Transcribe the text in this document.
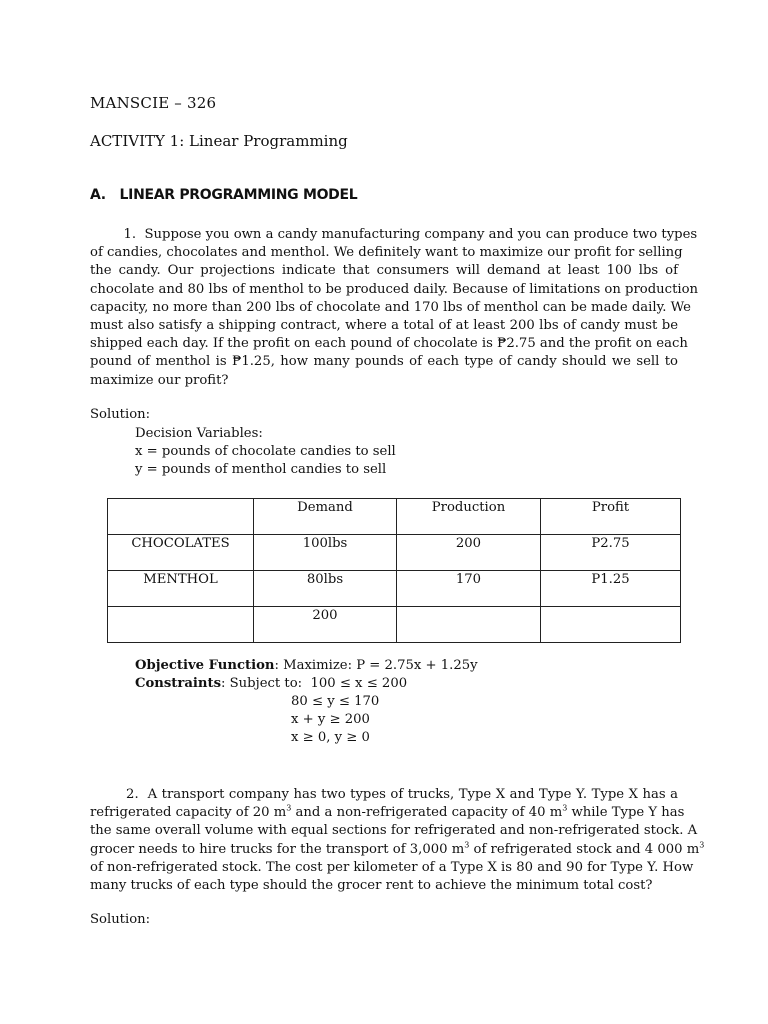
MANSCIE – 326
ACTIVITY 1: Linear Programming
A.   LINEAR PROGRAMMING MODEL
1.  Suppose you own a candy manufacturing company and you can produce two types
of candies, chocolates and menthol. We definitely want to maximize our profit for selling
the candy. Our projections indicate that consumers will demand at least 100 lbs of
chocolate and 80 lbs of menthol to be produced daily. Because of limitations on production
capacity, no more than 200 lbs of chocolate and 170 lbs of menthol can be made daily. We
must also satisfy a shipping contract, where a total of at least 200 lbs of candy must be
shipped each day. If the profit on each pound of chocolate is ₱2.75 and the profit on each
pound of menthol is ₱1.25, how many pounds of each type of candy should we sell to
maximize our profit?
Solution:
Decision Variables:
x = pounds of chocolate candies to sell
y = pounds of menthol candies to sell
	Demand	Production	Profit
CHOCOLATES	100lbs	200	P2.75
MENTHOL	80lbs	170	P1.25
	200		
Objective Function: Maximize: P = 2.75x + 1.25y
Constraints: Subject to:  100 ≤ x ≤ 200
80 ≤ y ≤ 170
x + y ≥ 200
x ≥ 0, y ≥ 0
2.  A transport company has two types of trucks, Type X and Type Y. Type X has a
refrigerated capacity of 20 $m^3$ and a non-refrigerated capacity of 40 $m^3$ while Type Y has
the same overall volume with equal sections for refrigerated and non-refrigerated stock. A
grocer needs to hire trucks for the transport of 3,000 $m^3$ of refrigerated stock and 4 000 $m^3$
of non-refrigerated stock. The cost per kilometer of a Type X is 80 and 90 for Type Y. How
many trucks of each type should the grocer rent to achieve the minimum total cost?
Solution:
